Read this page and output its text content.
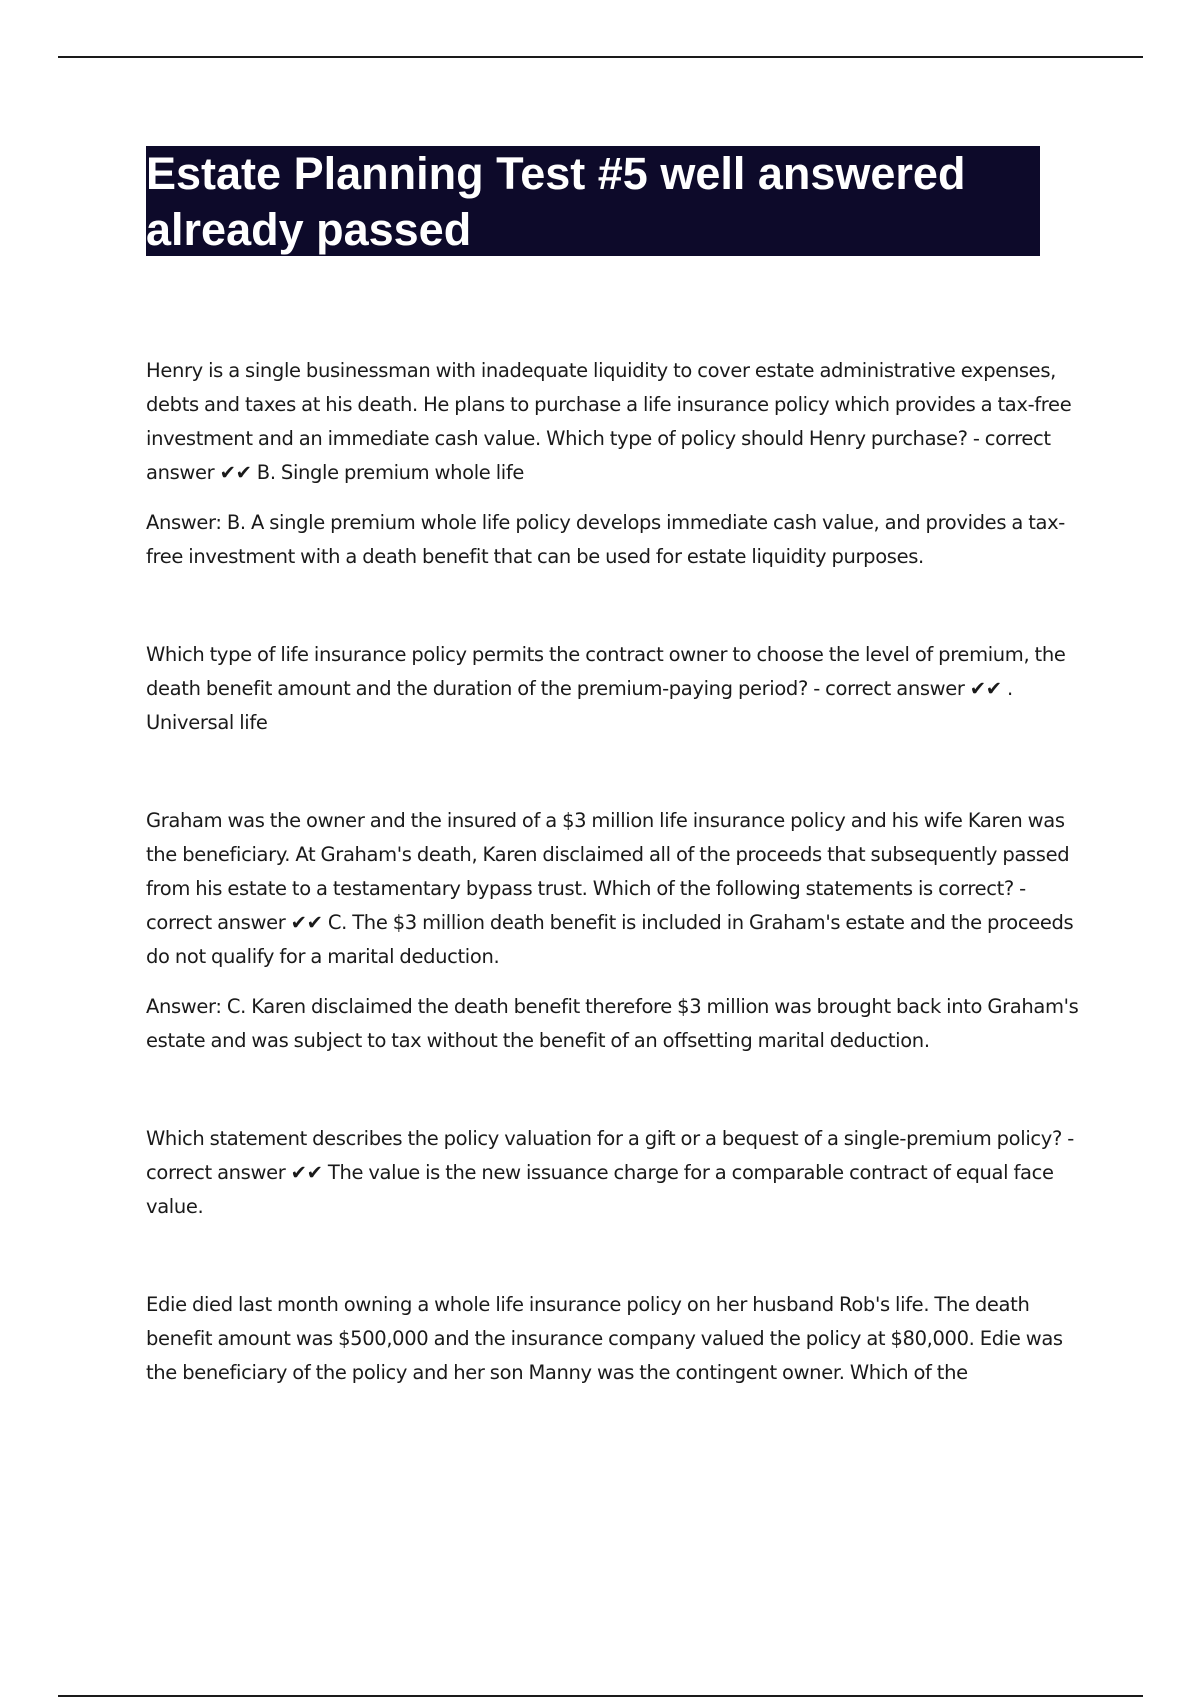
Estate Planning Test #5 well answered already passed

Henry is a single businessman with inadequate liquidity to cover estate administrative expenses, debts and taxes at his death. He plans to purchase a life insurance policy which provides a tax-free investment and an immediate cash value. Which type of policy should Henry purchase? - correct answer ✔✔ B. Single premium whole life

Answer: B. A single premium whole life policy develops immediate cash value, and provides a tax-free investment with a death benefit that can be used for estate liquidity purposes.

Which type of life insurance policy permits the contract owner to choose the level of premium, the death benefit amount and the duration of the premium-paying period? - correct answer ✔✔ . Universal life

Graham was the owner and the insured of a $3 million life insurance policy and his wife Karen was the beneficiary. At Graham's death, Karen disclaimed all of the proceeds that subsequently passed from his estate to a testamentary bypass trust. Which of the following statements is correct? - correct answer ✔✔ C. The $3 million death benefit is included in Graham's estate and the proceeds do not qualify for a marital deduction.

Answer: C. Karen disclaimed the death benefit therefore $3 million was brought back into Graham's estate and was subject to tax without the benefit of an offsetting marital deduction.

Which statement describes the policy valuation for a gift or a bequest of a single-premium policy? - correct answer ✔✔ The value is the new issuance charge for a comparable contract of equal face value.

Edie died last month owning a whole life insurance policy on her husband Rob's life. The death benefit amount was $500,000 and the insurance company valued the policy at $80,000. Edie was the beneficiary of the policy and her son Manny was the contingent owner. Which of the
